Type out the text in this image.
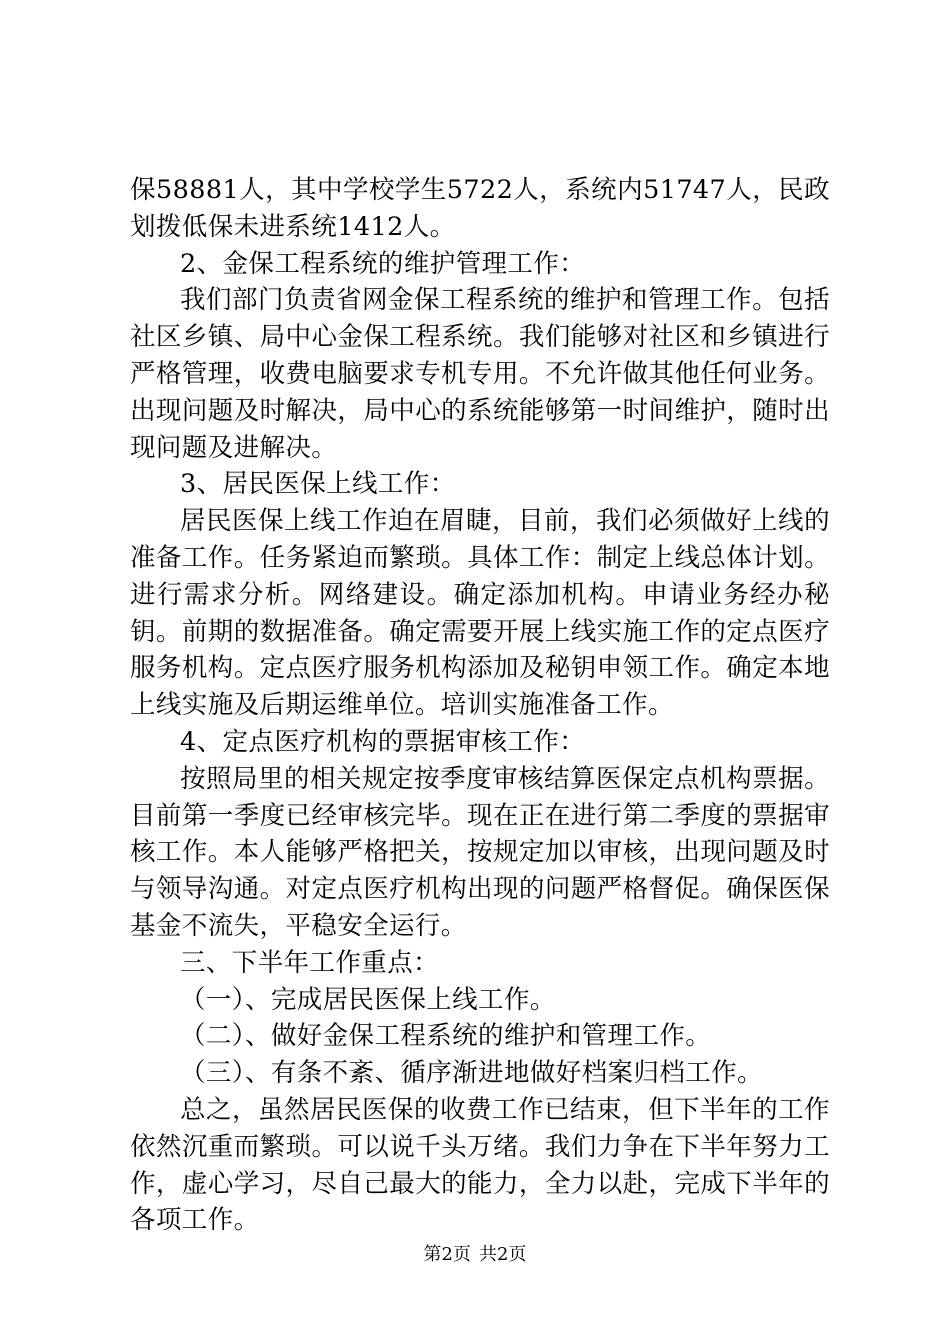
保58881人，其中学校学生5722人，系统内51747人，民政划拨低保未进系统1412人。

2、金保工程系统的维护管理工作：

我们部门负责省网金保工程系统的维护和管理工作。包括社区乡镇、局中心金保工程系统。我们能够对社区和乡镇进行严格管理，收费电脑要求专机专用。不允许做其他任何业务。出现问题及时解决，局中心的系统能够第一时间维护，随时出现问题及进解决。

3、居民医保上线工作：

居民医保上线工作迫在眉睫，目前，我们必须做好上线的准备工作。任务紧迫而繁琐。具体工作：制定上线总体计划。进行需求分析。网络建设。确定添加机构。申请业务经办秘钥。前期的数据准备。确定需要开展上线实施工作的定点医疗服务机构。定点医疗服务机构添加及秘钥申领工作。确定本地上线实施及后期运维单位。培训实施准备工作。

4、定点医疗机构的票据审核工作：

按照局里的相关规定按季度审核结算医保定点机构票据。目前第一季度已经审核完毕。现在正在进行第二季度的票据审核工作。本人能够严格把关，按规定加以审核，出现问题及时与领导沟通。对定点医疗机构出现的问题严格督促。确保医保基金不流失，平稳安全运行。

三、下半年工作重点：

（一）、完成居民医保上线工作。

（二）、做好金保工程系统的维护和管理工作。

（三）、有条不紊、循序渐进地做好档案归档工作。

总之，虽然居民医保的收费工作已结束，但下半年的工作依然沉重而繁琐。可以说千头万绪。我们力争在下半年努力工作，虚心学习，尽自己最大的能力，全力以赴，完成下半年的各项工作。

第2页 共2页
